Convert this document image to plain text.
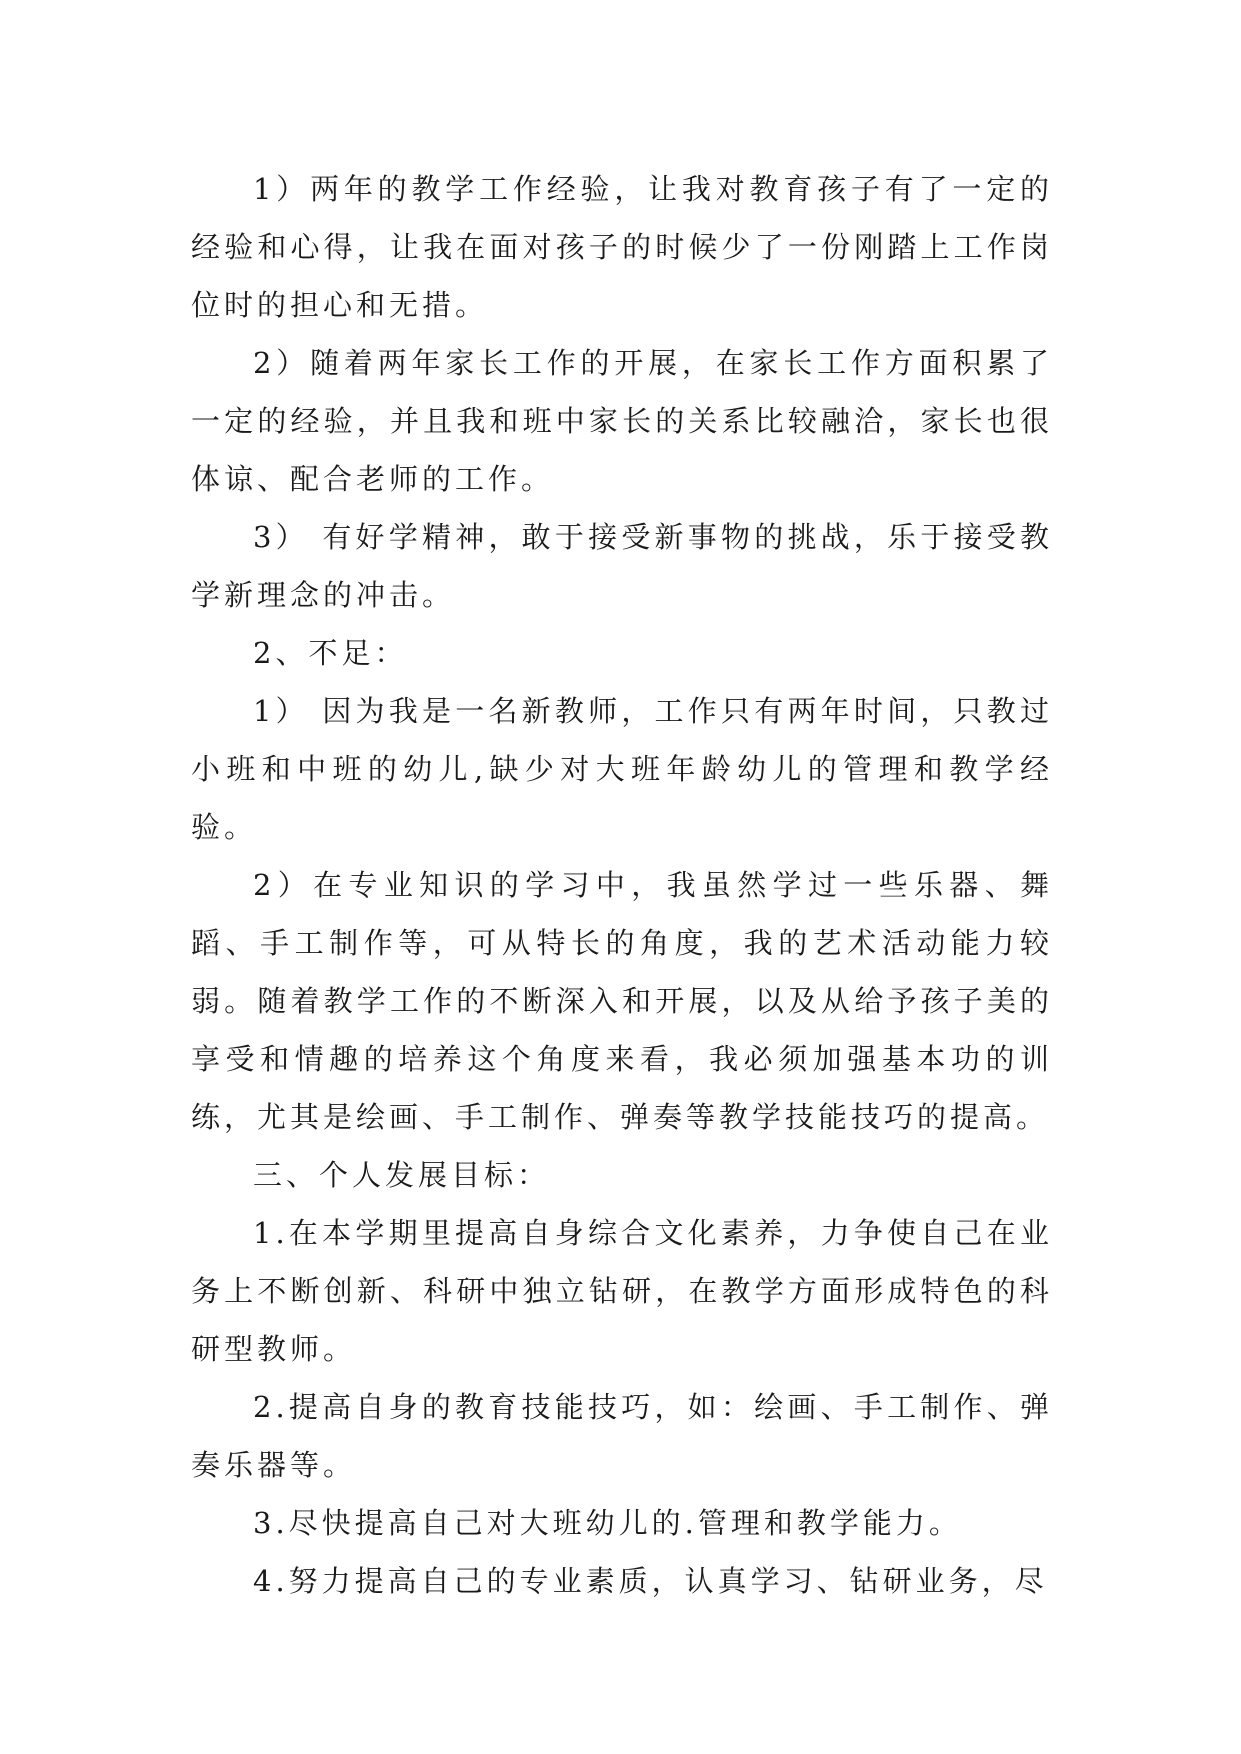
1）两年的教学工作经验，让我对教育孩子有了一定的经验和心得，让我在面对孩子的时候少了一份刚踏上工作岗位时的担心和无措。

2）随着两年家长工作的开展，在家长工作方面积累了一定的经验，并且我和班中家长的关系比较融洽，家长也很体谅、配合老师的工作。

3） 有好学精神，敢于接受新事物的挑战，乐于接受教学新理念的冲击。

2、不足：

1） 因为我是一名新教师，工作只有两年时间，只教过小班和中班的幼儿,缺少对大班年龄幼儿的管理和教学经验。

2）在专业知识的学习中，我虽然学过一些乐器、舞蹈、手工制作等，可从特长的角度，我的艺术活动能力较弱。随着教学工作的不断深入和开展，以及从给予孩子美的享受和情趣的培养这个角度来看，我必须加强基本功的训练，尤其是绘画、手工制作、弹奏等教学技能技巧的提高。

三、个人发展目标：

1.在本学期里提高自身综合文化素养，力争使自己在业务上不断创新、科研中独立钻研，在教学方面形成特色的科研型教师。

2.提高自身的教育技能技巧，如：绘画、手工制作、弹奏乐器等。

3.尽快提高自己对大班幼儿的.管理和教学能力。

4.努力提高自己的专业素质，认真学习、钻研业务，尽
